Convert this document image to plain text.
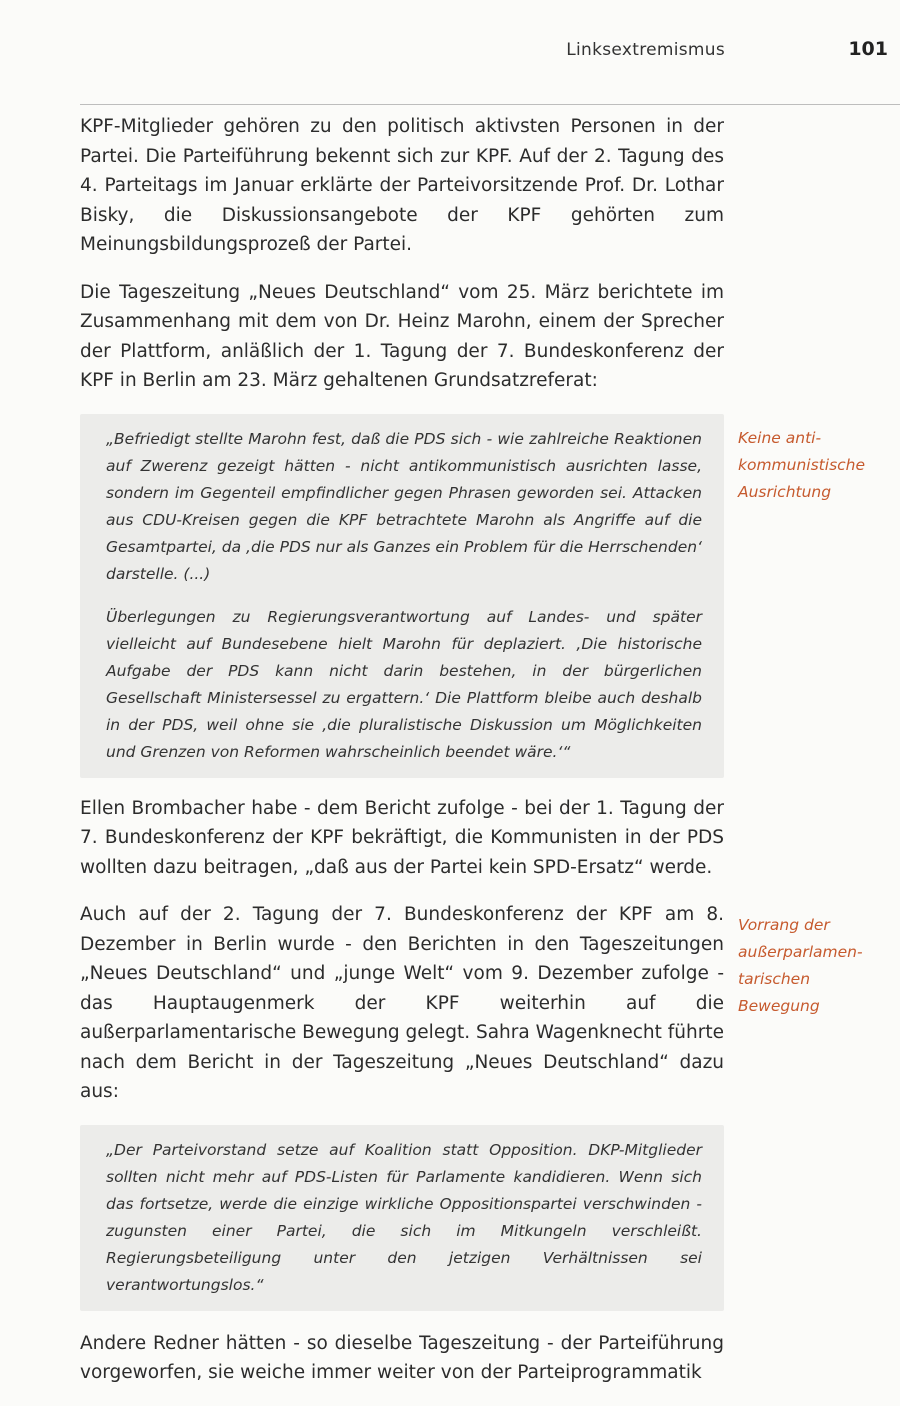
Linksextremismus	101

KPF-Mitglieder gehören zu den politisch aktivsten Personen in der Partei. Die Parteiführung bekennt sich zur KPF. Auf der 2. Tagung des 4. Parteitags im Januar erklärte der Parteivorsitzende Prof. Dr. Lothar Bisky, die Diskussionsangebote der KPF gehörten zum Meinungsbildungsprozeß der Partei.

Die Tageszeitung „Neues Deutschland“ vom 25. März berichtete im Zusammenhang mit dem von Dr. Heinz Marohn, einem der Sprecher der Plattform, anläßlich der 1. Tagung der 7. Bundeskonferenz der KPF in Berlin am 23. März gehaltenen Grundsatzreferat:

„Befriedigt stellte Marohn fest, daß die PDS sich - wie zahlreiche Reaktionen auf Zwerenz gezeigt hätten - nicht antikommunistisch ausrichten lasse, sondern im Gegenteil empfindlicher gegen Phrasen geworden sei. Attacken aus CDU-Kreisen gegen die KPF betrachtete Marohn als Angriffe auf die Gesamtpartei, da ‚die PDS nur als Ganzes ein Problem für die Herrschenden‘ darstelle. (...)

Überlegungen zu Regierungsverantwortung auf Landes- und später vielleicht auf Bundesebene hielt Marohn für deplaziert. ‚Die historische Aufgabe der PDS kann nicht darin bestehen, in der bürgerlichen Gesellschaft Ministersessel zu ergattern.‘ Die Plattform bleibe auch deshalb in der PDS, weil ohne sie ‚die pluralistische Diskussion um Möglichkeiten und Grenzen von Reformen wahrscheinlich beendet wäre.‘“

Ellen Brombacher habe - dem Bericht zufolge - bei der 1. Tagung der 7. Bundeskonferenz der KPF bekräftigt, die Kommunisten in der PDS wollten dazu beitragen, „daß aus der Partei kein SPD-Ersatz“ werde.

Auch auf der 2. Tagung der 7. Bundeskonferenz der KPF am 8. Dezember in Berlin wurde - den Berichten in den Tageszeitungen „Neues Deutschland“ und „junge Welt“ vom 9. Dezember zufolge - das Hauptaugenmerk der KPF weiterhin auf die außerparlamentarische Bewegung gelegt. Sahra Wagenknecht führte nach dem Bericht in der Tageszeitung „Neues Deutschland“ dazu aus:

„Der Parteivorstand setze auf Koalition statt Opposition. DKP-Mitglieder sollten nicht mehr auf PDS-Listen für Parlamente kandidieren. Wenn sich das fortsetze, werde die einzige wirkliche Oppositionspartei verschwinden - zugunsten einer Partei, die sich im Mitkungeln verschleißt. Regierungsbeteiligung unter den jetzigen Verhältnissen sei verantwortungslos.“

Andere Redner hätten - so dieselbe Tageszeitung - der Parteiführung vorgeworfen, sie weiche immer weiter von der Parteiprogrammatik

Keine anti-
kommunistische
Ausrichtung
Vorrang der
außerparlamen-
tarischen
Bewegung
